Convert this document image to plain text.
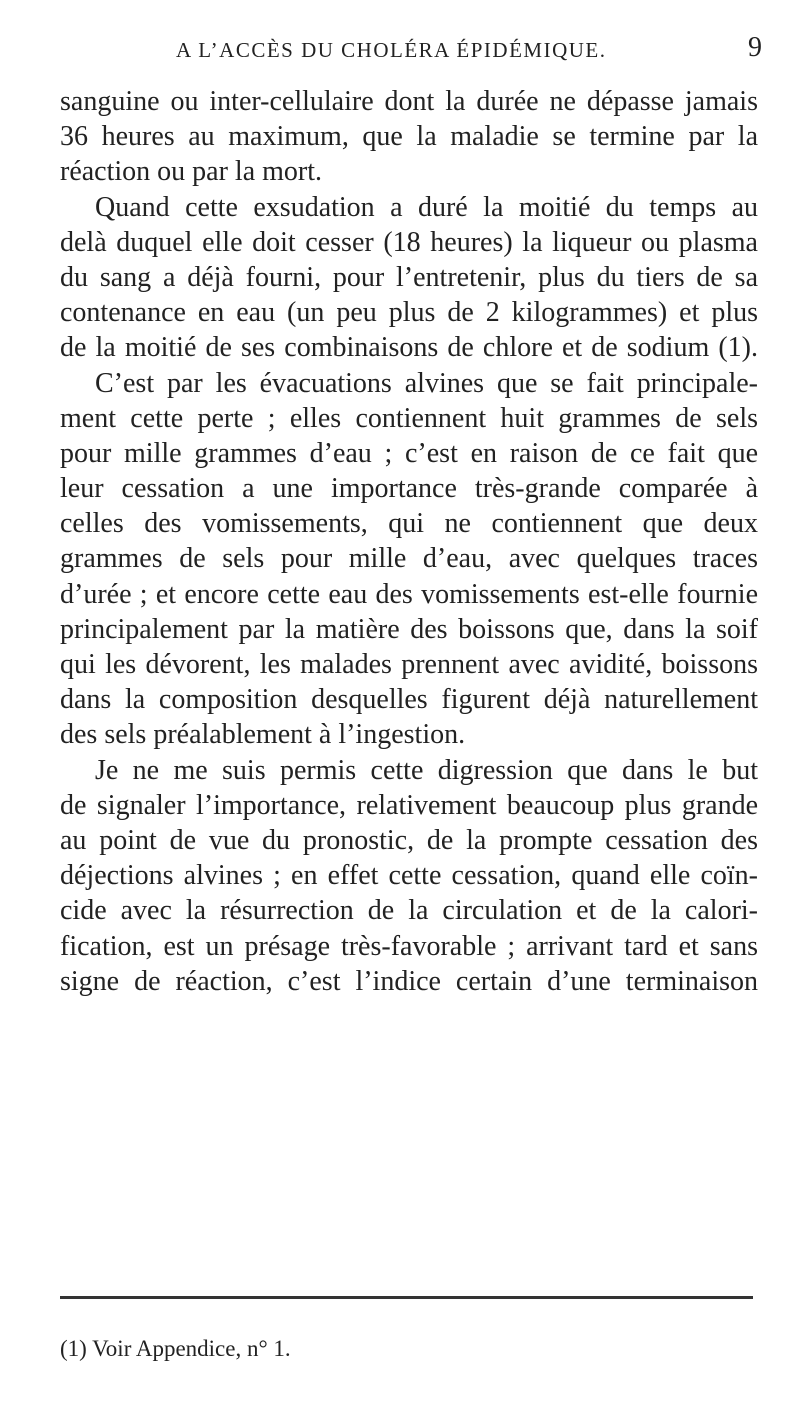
A L’ACCÈS DU CHOLÉRA ÉPIDÉMIQUE.	9
sanguine ou inter-cellulaire dont la durée ne dépasse jamais
36 heures au maximum, que la maladie se termine par la
réaction ou par la mort.
Quand cette exsudation a duré la moitié du temps au
delà duquel elle doit cesser (18 heures) la liqueur ou plasma
du sang a déjà fourni, pour l’entretenir, plus du tiers de sa
contenance en eau (un peu plus de 2 kilogrammes) et plus
de la moitié de ses combinaisons de chlore et de sodium (1).
C’est par les évacuations alvines que se fait principale-
ment cette perte ; elles contiennent huit grammes de sels
pour mille grammes d’eau ; c’est en raison de ce fait que
leur cessation a une importance très-grande comparée à
celles des vomissements, qui ne contiennent que deux
grammes de sels pour mille d’eau, avec quelques traces
d’urée ; et encore cette eau des vomissements est-elle fournie
principalement par la matière des boissons que, dans la soif
qui les dévorent, les malades prennent avec avidité, boissons
dans la composition desquelles figurent déjà naturellement
des sels préalablement à l’ingestion.
Je ne me suis permis cette digression que dans le but
de signaler l’importance, relativement beaucoup plus grande
au point de vue du pronostic, de la prompte cessation des
déjections alvines ; en effet cette cessation, quand elle coïn-
cide avec la résurrection de la circulation et de la calori-
fication, est un présage très-favorable ; arrivant tard et sans
signe de réaction, c’est l’indice certain d’une terminaison
(1) Voir Appendice, n° 1.
